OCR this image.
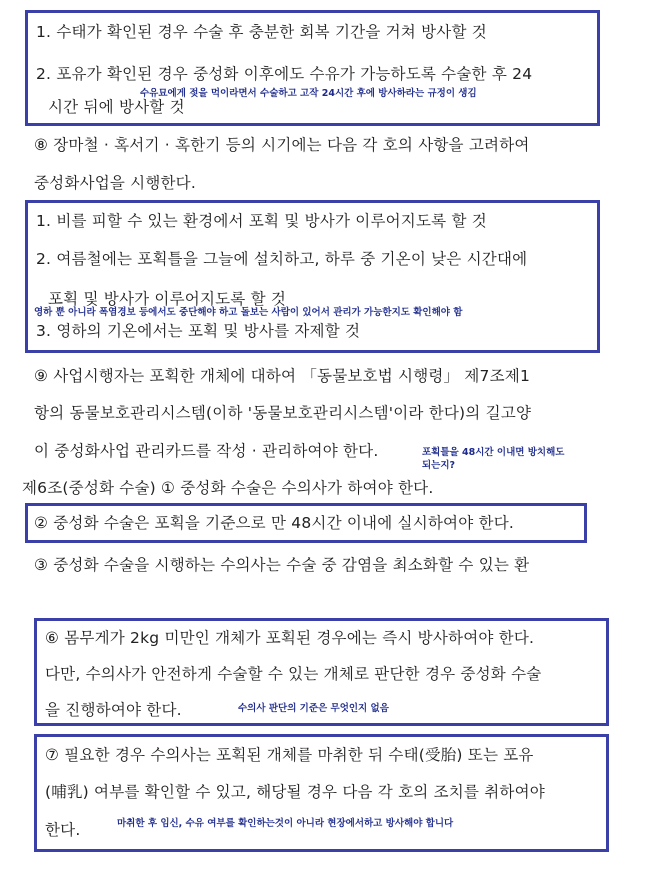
1. 수태가 확인된 경우 수술 후 충분한 회복 기간을 거쳐 방사할 것
2. 포유가 확인된 경우 중성화 이후에도 수유가 가능하도록 수술한 후 24
수유묘에게 젖을 먹이라면서 수술하고 고작 24시간 후에 방사하라는 규정이 생김
시간 뒤에 방사할 것
⑧ 장마철 · 혹서기 · 혹한기 등의 시기에는 다음 각 호의 사항을 고려하여
중성화사업을 시행한다.
1. 비를 피할 수 있는 환경에서 포획 및 방사가 이루어지도록 할 것
2. 여름철에는 포획틀을 그늘에 설치하고, 하루 중 기온이 낮은 시간대에
포획 및 방사가 이루어지도록 할 것
영하 뿐 아니라 폭염경보 등에서도 중단해야 하고 돌보는 사람이 있어서 관리가 가능한지도 확인해야 함
3. 영하의 기온에서는 포획 및 방사를 자제할 것
⑨ 사업시행자는 포획한 개체에 대하여 「동물보호법 시행령」 제7조제1
항의 동물보호관리시스템(이하 '동물보호관리시스템'이라 한다)의 길고양
이 중성화사업 관리카드를 작성 · 관리하여야 한다.	포획틀을 48시간 이내면 방치해도
되는지?
제6조(중성화 수술) ① 중성화 수술은 수의사가 하여야 한다.
② 중성화 수술은 포획을 기준으로 만 48시간 이내에 실시하여야 한다.
③ 중성화 수술을 시행하는 수의사는 수술 중 감염을 최소화할 수 있는 환
⑥ 몸무게가 2kg 미만인 개체가 포획된 경우에는 즉시 방사하여야 한다.
다만, 수의사가 안전하게 수술할 수 있는 개체로 판단한 경우 중성화 수술
을 진행하여야 한다.	수의사 판단의 기준은 무엇인지 없음
⑦ 필요한 경우 수의사는 포획된 개체를 마취한 뒤 수태(受胎) 또는 포유
(哺乳) 여부를 확인할 수 있고, 해당될 경우 다음 각 호의 조치를 취하여야
한다.	마취한 후 임신, 수유 여부를 확인하는것이 아니라 현장에서하고 방사해야 합니다
